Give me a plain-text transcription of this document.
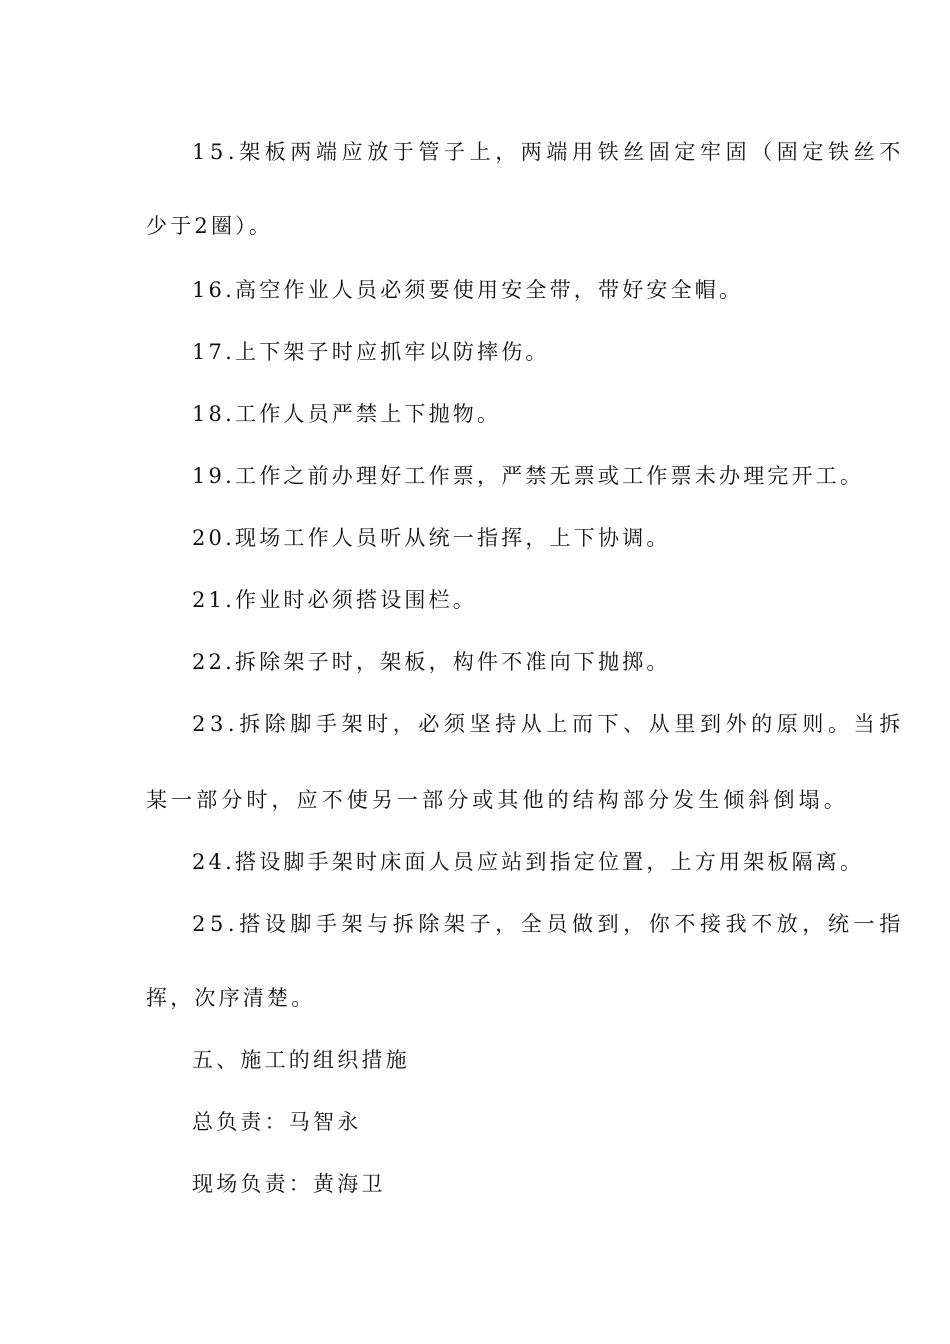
15.架板两端应放于管子上，两端用铁丝固定牢固（固定铁丝不
少于2圈）。
16.高空作业人员必须要使用安全带，带好安全帽。
17.上下架子时应抓牢以防摔伤。
18.工作人员严禁上下抛物。
19.工作之前办理好工作票，严禁无票或工作票未办理完开工。
20.现场工作人员听从统一指挥，上下协调。
21.作业时必须搭设围栏。
22.拆除架子时，架板，构件不准向下抛掷。
23.拆除脚手架时，必须坚持从上而下、从里到外的原则。当拆
某一部分时，应不使另一部分或其他的结构部分发生倾斜倒塌。
24.搭设脚手架时床面人员应站到指定位置，上方用架板隔离。
25.搭设脚手架与拆除架子，全员做到，你不接我不放，统一指
挥，次序清楚。
五、施工的组织措施
总负责：马智永
现场负责：黄海卫
